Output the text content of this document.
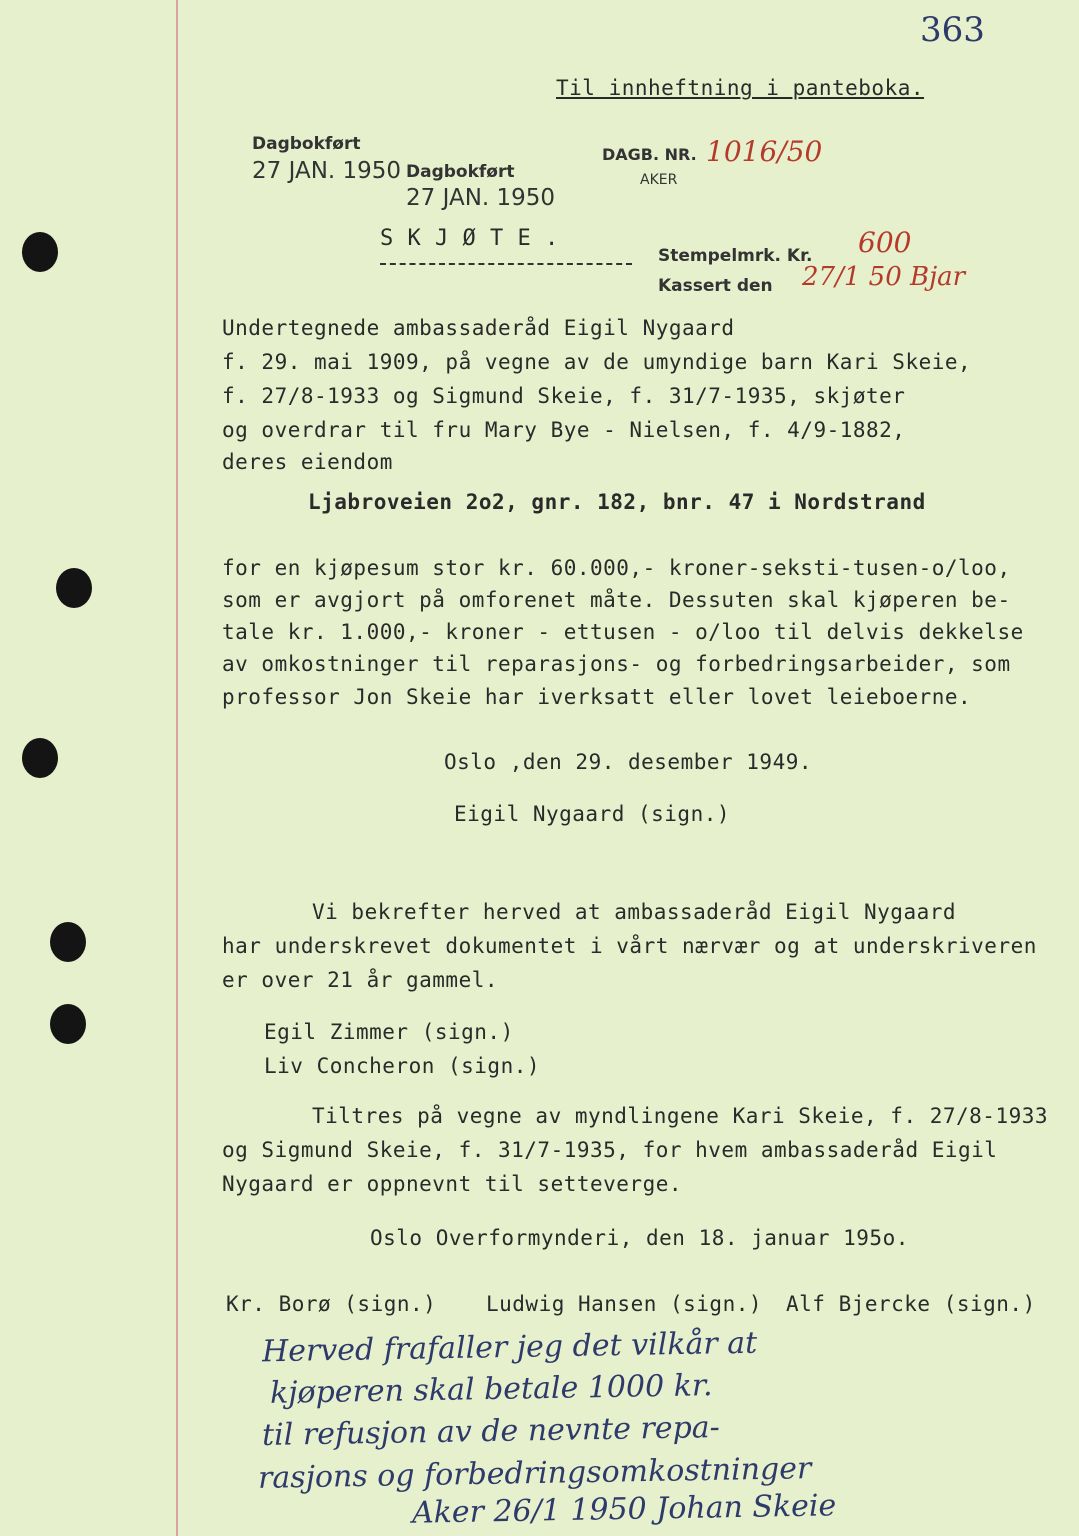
363
Til innheftning i panteboka.
Dagbokført
27 JAN. 1950 Dagbokført
27 JAN. 1950
DAGB. NR. 1016/50
AKER
S K J Ø T E .
Stempelmrk. Kr. 600
Kassert den 27/1 50 Bjar
Undertegnede ambassaderåd Eigil Nygaard
f. 29. mai 1909, på vegne av de umyndige barn Kari Skeie,
f. 27/8-1933 og Sigmund Skeie, f. 31/7-1935, skjøter
og overdrar til fru Mary Bye - Nielsen, f. 4/9-1882,
deres eiendom
Ljabroveien 2o2, gnr. 182, bnr. 47 i Nordstrand
for en kjøpesum stor kr. 60.000,- kroner-seksti-tusen-o/loo,
som er avgjort på omforenet måte. Dessuten skal kjøperen be-
tale kr. 1.000,- kroner - ettusen - o/loo til delvis dekkelse
av omkostninger til reparasjons- og forbedringsarbeider, som
professor Jon Skeie har iverksatt eller lovet leieboerne.
Oslo ,den 29. desember 1949.
Eigil Nygaard (sign.)
Vi bekrefter herved at ambassaderåd Eigil Nygaard
har underskrevet dokumentet i vårt nærvær og at underskriveren
er over 21 år gammel.
Egil Zimmer (sign.)
Liv Concheron (sign.)
Tiltres på vegne av myndlingene Kari Skeie, f. 27/8-1933
og Sigmund Skeie, f. 31/7-1935, for hvem ambassaderåd Eigil
Nygaard er oppnevnt til setteverge.
Oslo Overformynderi, den 18. januar 195o.
Kr. Borø (sign.) Ludwig Hansen (sign.) Alf Bjercke (sign.)
Herved frafaller jeg det vilkår at
kjøperen skal betale 1000 kr.
til refusjon av de nevnte repa-
rasjons og forbedringsomkostninger
Aker 26/1 1950 Johan Skeie
